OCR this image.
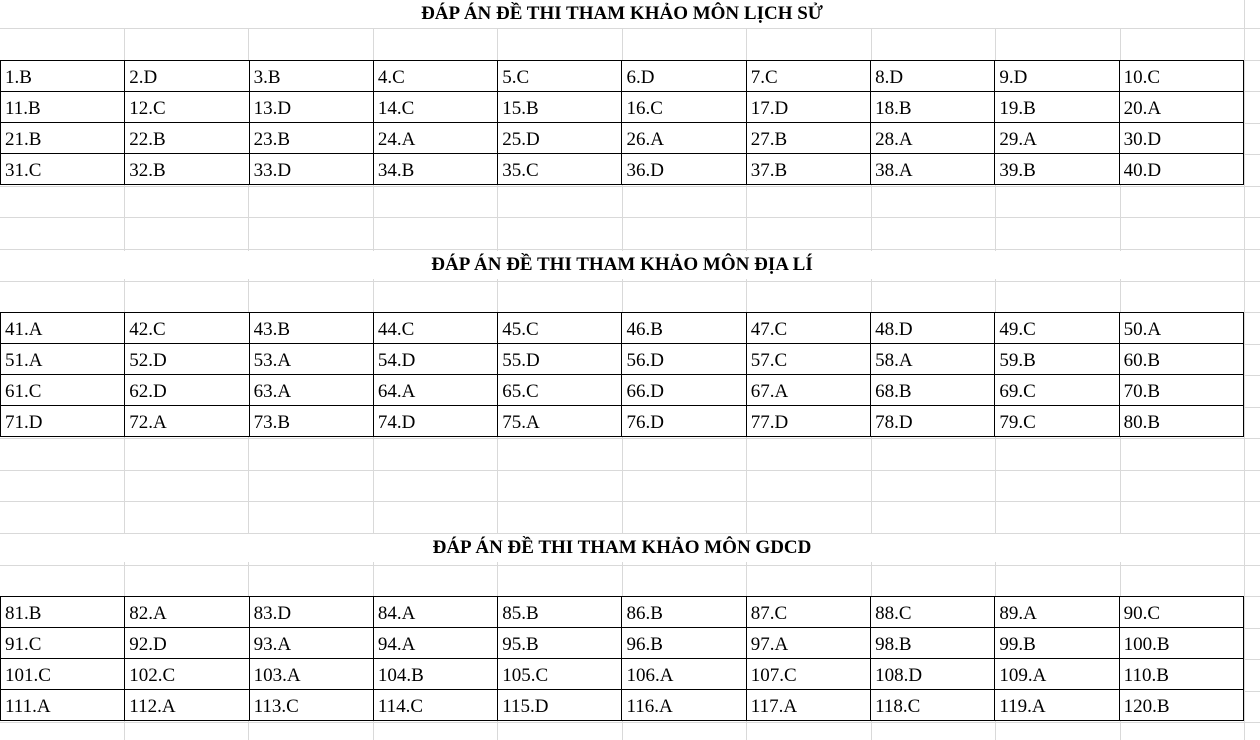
ĐÁP ÁN ĐỀ THI THAM KHẢO MÔN LỊCH SỬ
1.B	2.D	3.B	4.C	5.C	6.D	7.C	8.D	9.D	10.C
11.B	12.C	13.D	14.C	15.B	16.C	17.D	18.B	19.B	20.A
21.B	22.B	23.B	24.A	25.D	26.A	27.B	28.A	29.A	30.D
31.C	32.B	33.D	34.B	35.C	36.D	37.B	38.A	39.B	40.D
ĐÁP ÁN ĐỀ THI THAM KHẢO MÔN ĐỊA LÍ
41.A	42.C	43.B	44.C	45.C	46.B	47.C	48.D	49.C	50.A
51.A	52.D	53.A	54.D	55.D	56.D	57.C	58.A	59.B	60.B
61.C	62.D	63.A	64.A	65.C	66.D	67.A	68.B	69.C	70.B
71.D	72.A	73.B	74.D	75.A	76.D	77.D	78.D	79.C	80.B
ĐÁP ÁN ĐỀ THI THAM KHẢO MÔN GDCD
81.B	82.A	83.D	84.A	85.B	86.B	87.C	88.C	89.A	90.C
91.C	92.D	93.A	94.A	95.B	96.B	97.A	98.B	99.B	100.B
101.C	102.C	103.A	104.B	105.C	106.A	107.C	108.D	109.A	110.B
111.A	112.A	113.C	114.C	115.D	116.A	117.A	118.C	119.A	120.B
